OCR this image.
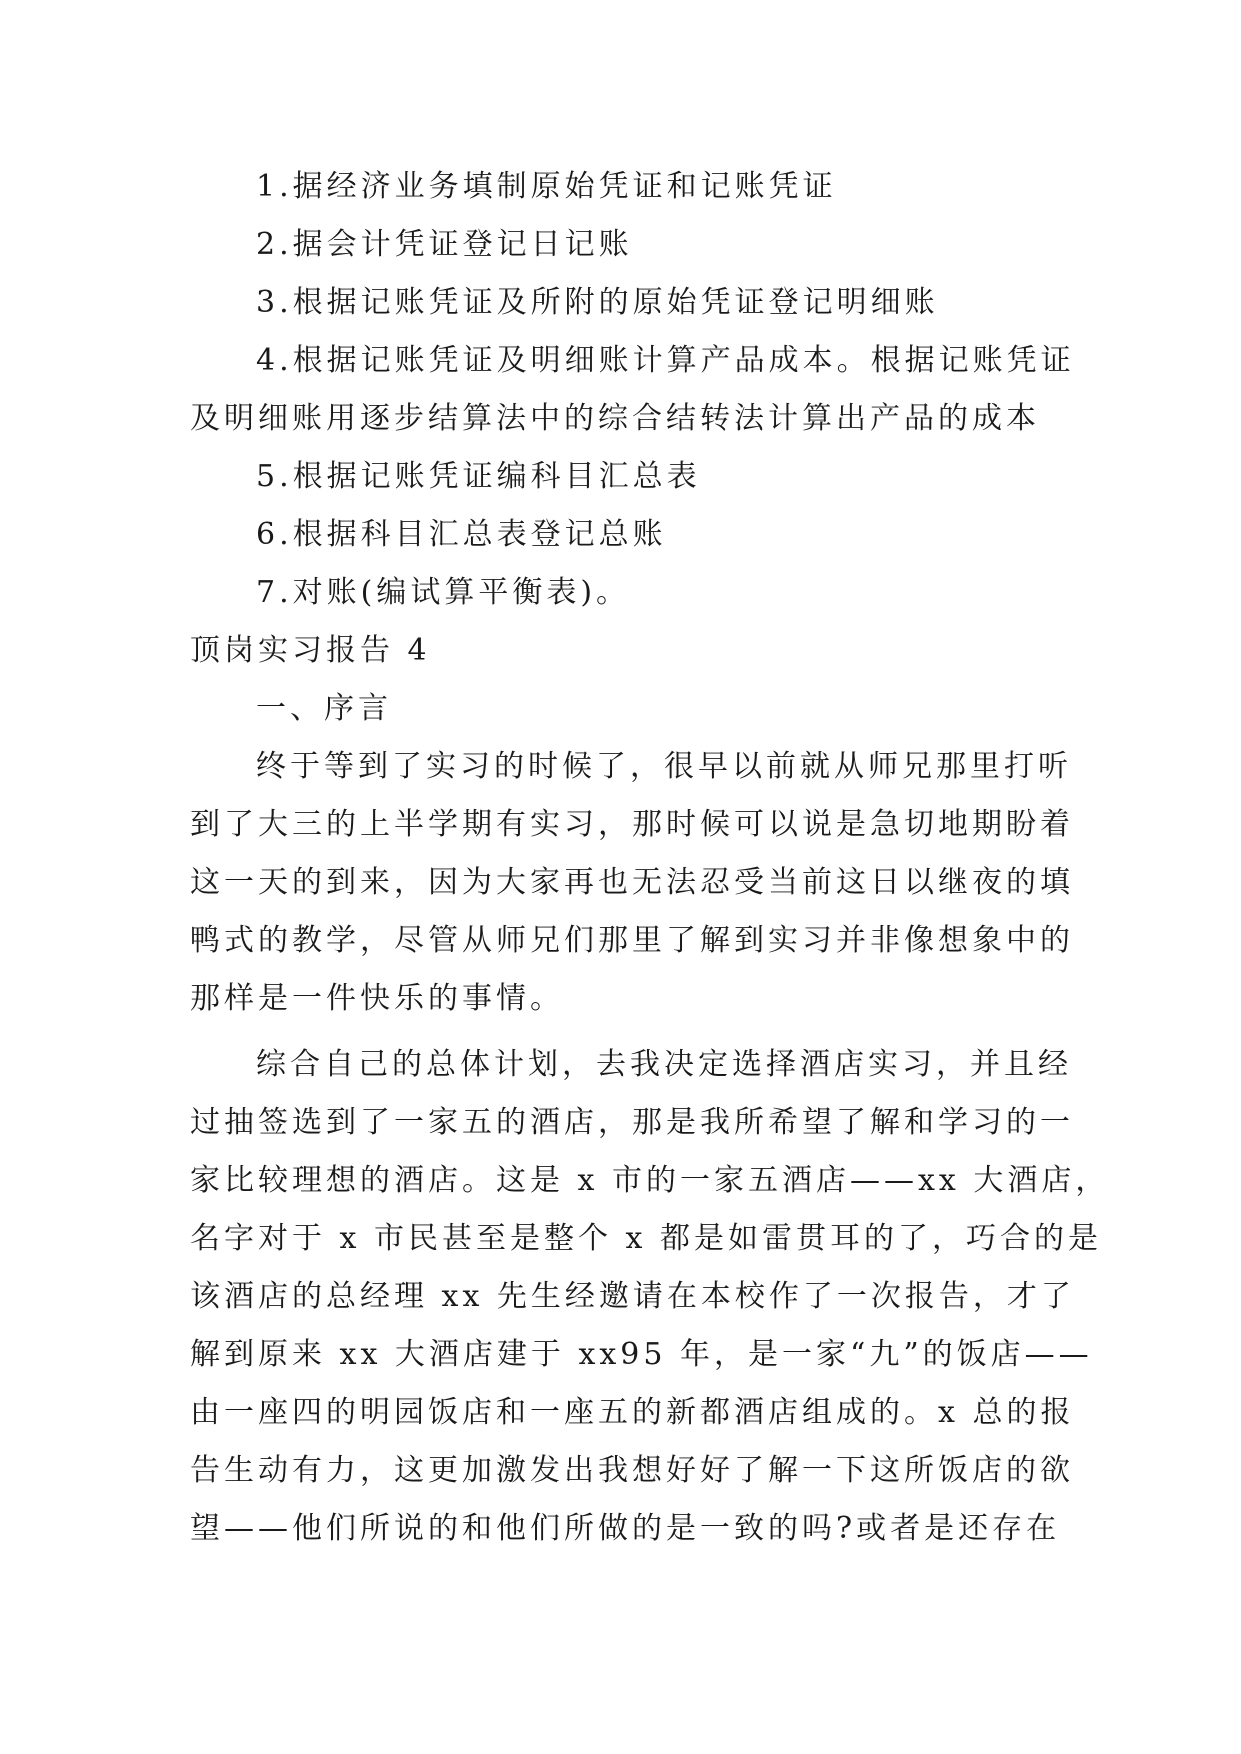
1.据经济业务填制原始凭证和记账凭证
2.据会计凭证登记日记账
3.根据记账凭证及所附的原始凭证登记明细账
4.根据记账凭证及明细账计算产品成本。根据记账凭证
及明细账用逐步结算法中的综合结转法计算出产品的成本
5.根据记账凭证编科目汇总表
6.根据科目汇总表登记总账
7.对账(编试算平衡表)。
顶岗实习报告 4
一、序言
终于等到了实习的时候了，很早以前就从师兄那里打听
到了大三的上半学期有实习，那时候可以说是急切地期盼着
这一天的到来，因为大家再也无法忍受当前这日以继夜的填
鸭式的教学，尽管从师兄们那里了解到实习并非像想象中的
那样是一件快乐的事情。
综合自己的总体计划，去我决定选择酒店实习，并且经
过抽签选到了一家五的酒店，那是我所希望了解和学习的一
家比较理想的酒店。这是 x 市的一家五酒店——xx 大酒店，
名字对于 x 市民甚至是整个 x 都是如雷贯耳的了，巧合的是
该酒店的总经理 xx 先生经邀请在本校作了一次报告，才了
解到原来 xx 大酒店建于 xx95 年，是一家“九”的饭店——
由一座四的明园饭店和一座五的新都酒店组成的。x 总的报
告生动有力，这更加激发出我想好好了解一下这所饭店的欲
望——他们所说的和他们所做的是一致的吗?或者是还存在
